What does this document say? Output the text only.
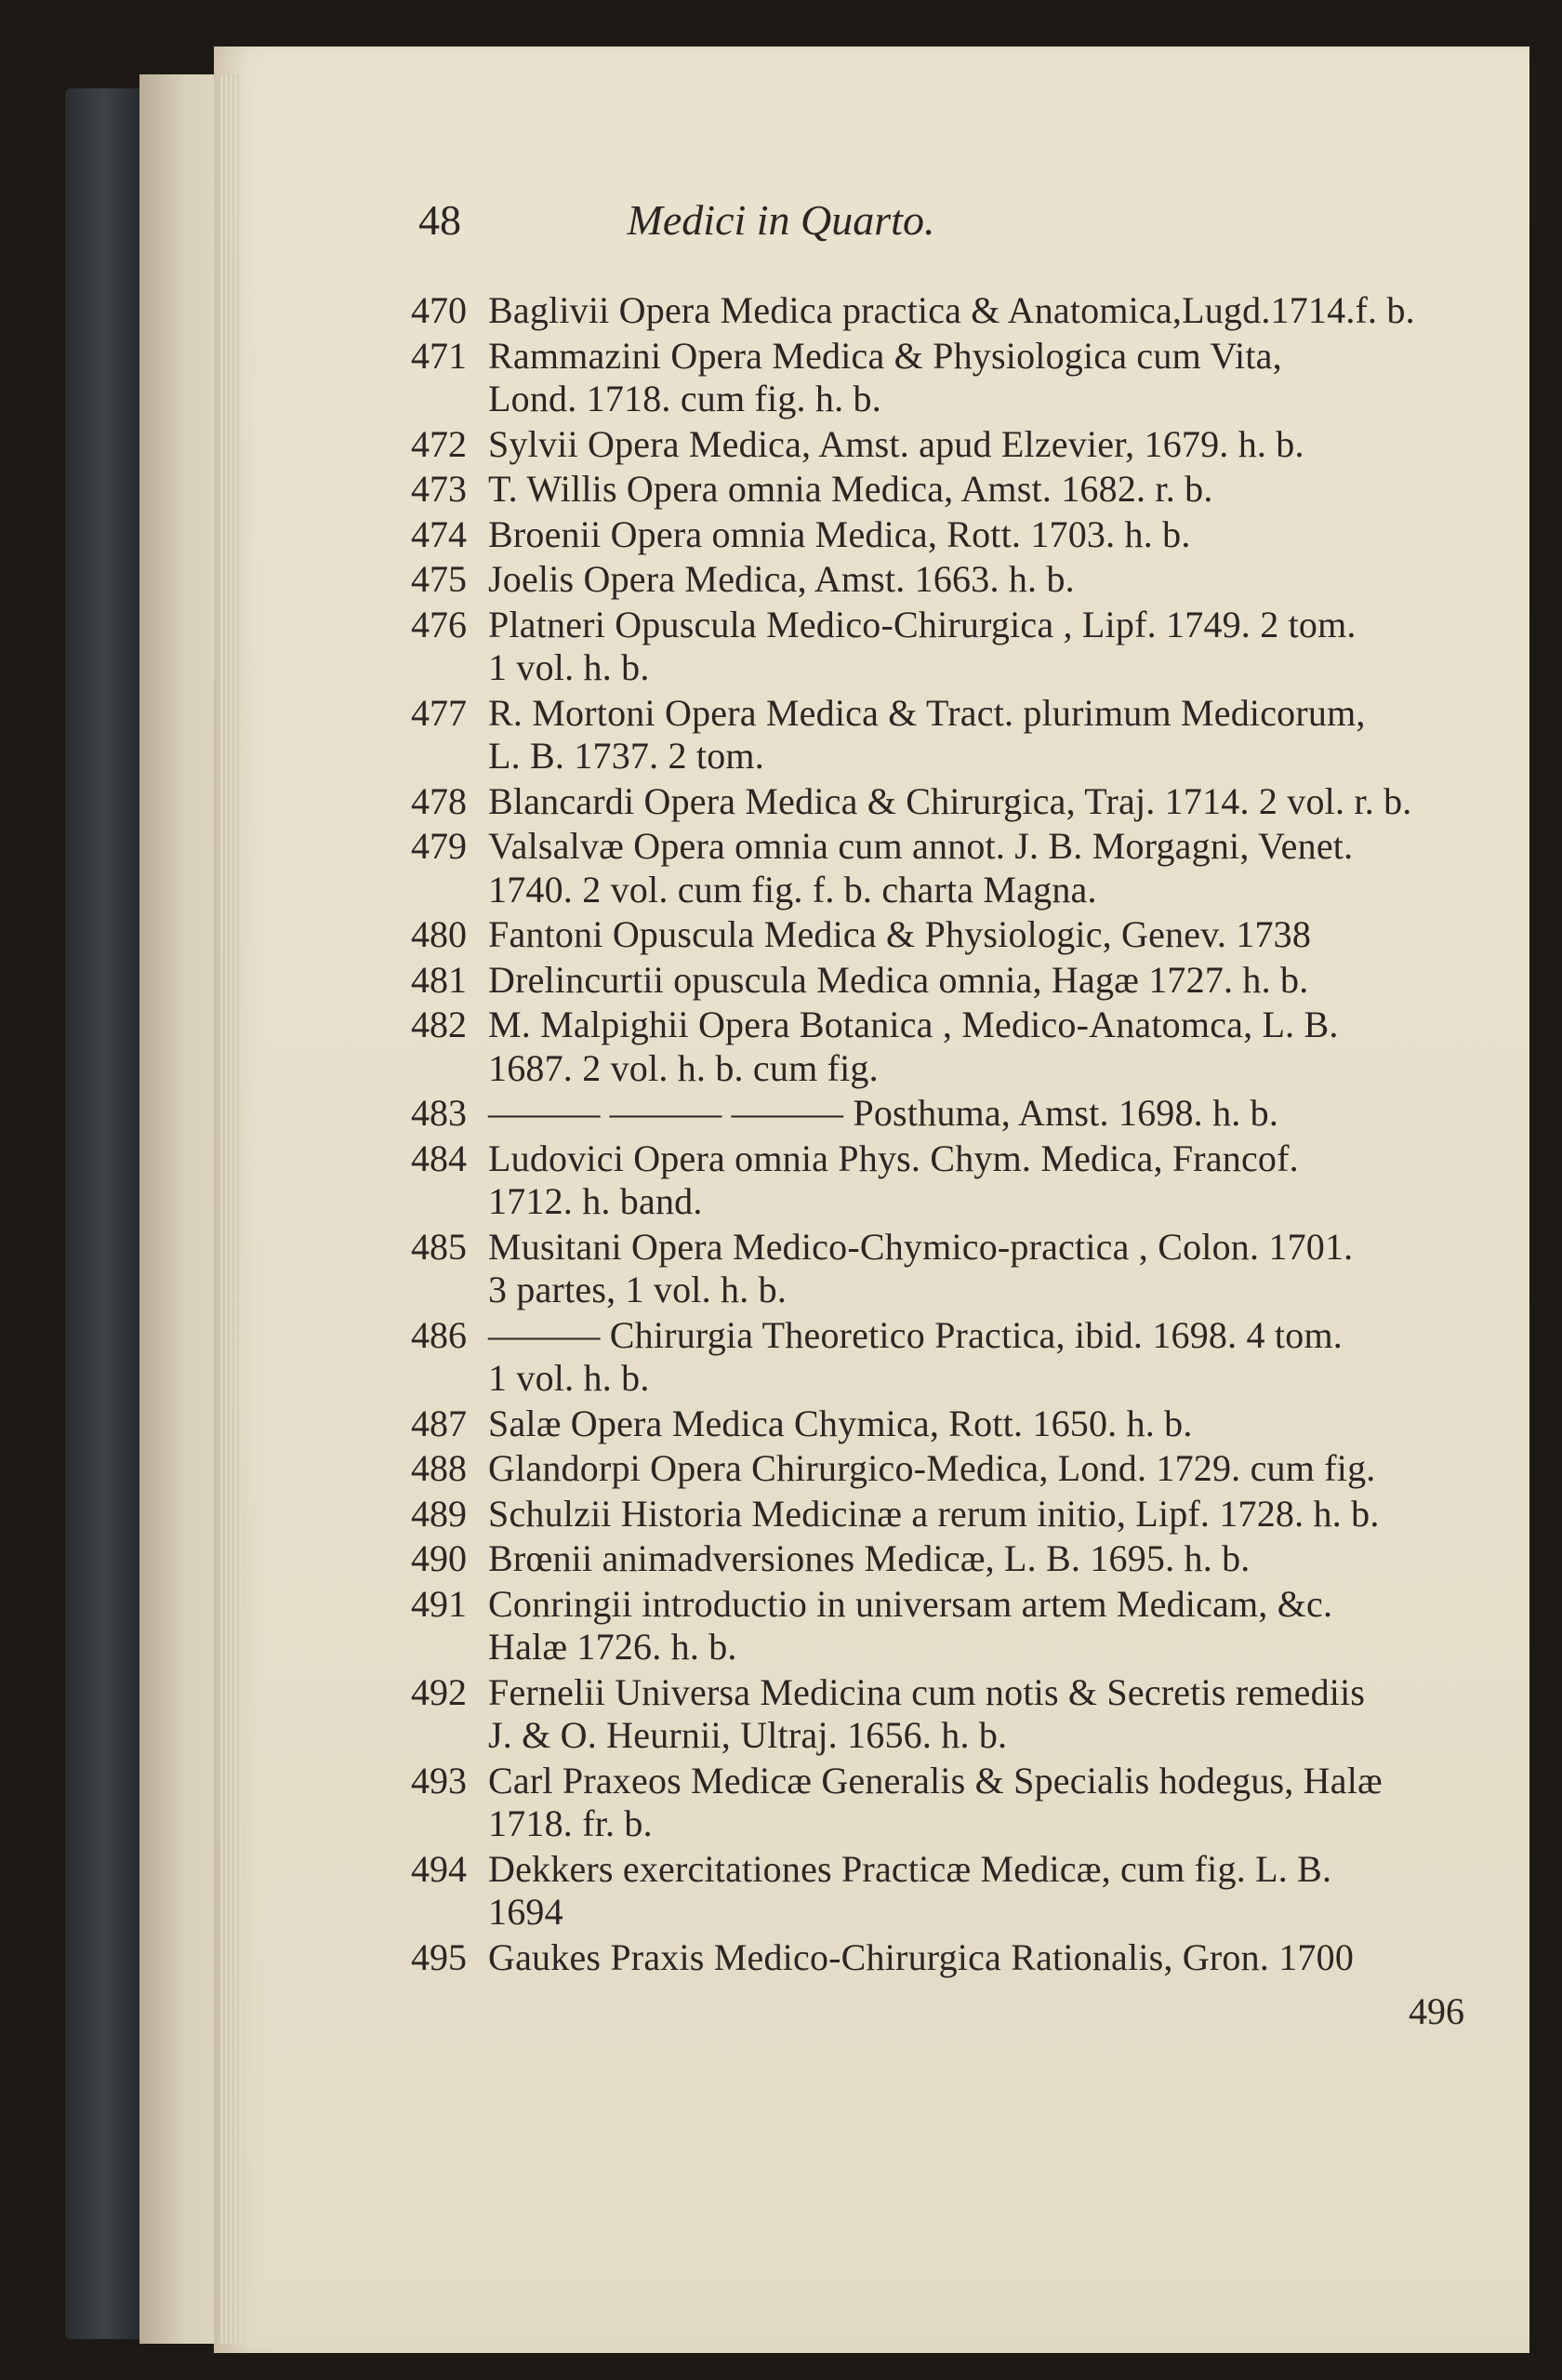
48	Medici in Quarto.
470 Baglivii Opera Medica practica & Anatomica,Lugd.1714.f. b.
471 Rammazini Opera Medica & Physiologica cum Vita,
Lond. 1718. cum fig. h. b.
472 Sylvii Opera Medica, Amst. apud Elzevier, 1679. h. b.
473 T. Willis Opera omnia Medica, Amst. 1682. r. b.
474 Broenii Opera omnia Medica, Rott. 1703. h. b.
475 Joelis Opera Medica, Amst. 1663. h. b.
476 Platneri Opuscula Medico-Chirurgica , Lipf. 1749. 2 tom.
1 vol. h. b.
477 R. Mortoni Opera Medica & Tract. plurimum Medicorum,
L. B. 1737. 2 tom.
478 Blancardi Opera Medica & Chirurgica, Traj. 1714. 2 vol. r. b.
479 Valsalvæ Opera omnia cum annot. J. B. Morgagni, Venet.
1740. 2 vol. cum fig. f. b. charta Magna.
480 Fantoni Opuscula Medica & Physiologic, Genev. 1738
481 Drelincurtii opuscula Medica omnia, Hagæ 1727. h. b.
482 M. Malpighii Opera Botanica , Medico-Anatomca, L. B.
1687. 2 vol. h. b. cum fig.
483 ——— ——— ——— Posthuma, Amst. 1698. h. b.
484 Ludovici Opera omnia Phys. Chym. Medica, Francof.
1712. h. band.
485 Musitani Opera Medico-Chymico-practica , Colon. 1701.
3 partes, 1 vol. h. b.
486 ——— Chirurgia Theoretico Practica, ibid. 1698. 4 tom.
1 vol. h. b.
487 Salæ Opera Medica Chymica, Rott. 1650. h. b.
488 Glandorpi Opera Chirurgico-Medica, Lond. 1729. cum fig.
489 Schulzii Historia Medicinæ a rerum initio, Lipf. 1728. h. b.
490 Brœnii animadversiones Medicæ, L. B. 1695. h. b.
491 Conringii introductio in universam artem Medicam, &c.
Halæ 1726. h. b.
492 Fernelii Universa Medicina cum notis & Secretis remediis
J. & O. Heurnii, Ultraj. 1656. h. b.
493 Carl Praxeos Medicæ Generalis & Specialis hodegus, Halæ
1718. fr. b.
494 Dekkers exercitationes Practicæ Medicæ, cum fig. L. B.
1694
495 Gaukes Praxis Medico-Chirurgica Rationalis, Gron. 1700
496
